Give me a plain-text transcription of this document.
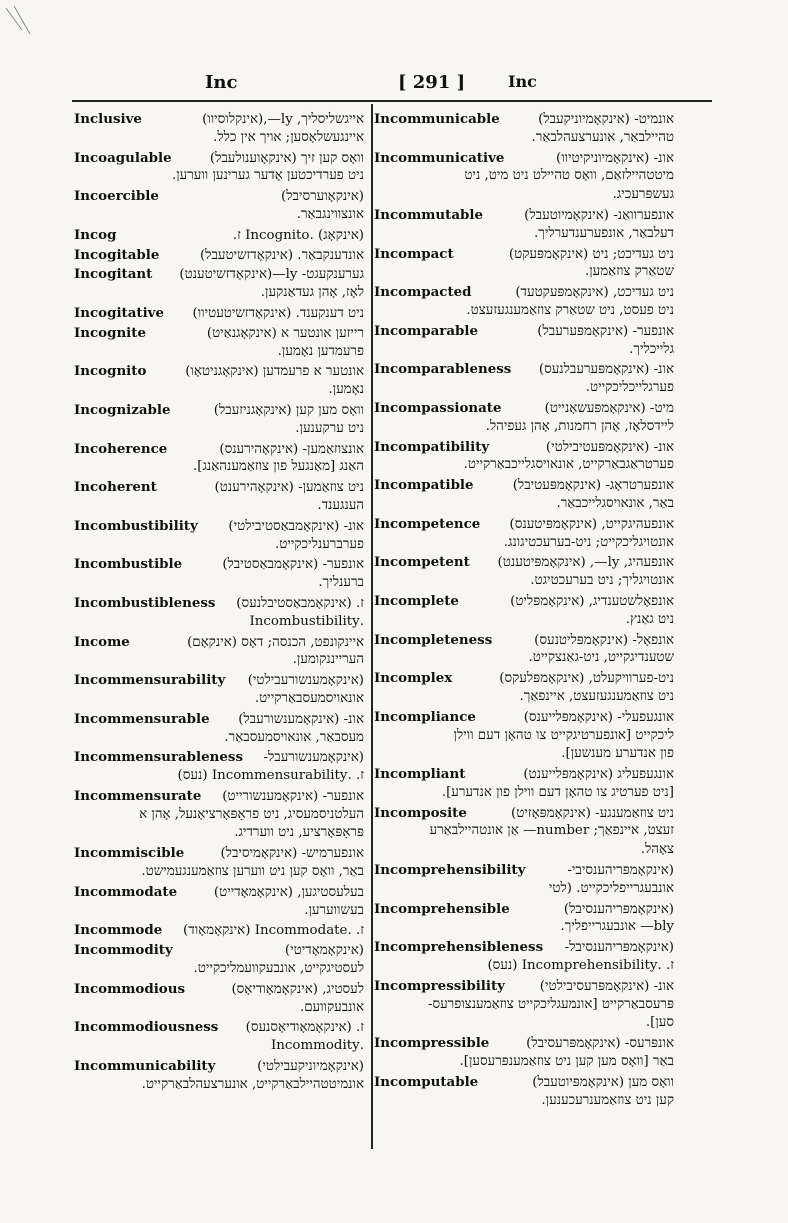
Inc	[ 291 ]	Inc
Inclusive	אייגשליסליך, ly—,(אינקלוסיוו)
איינגעשלאָסען; אויך אין כלל.
Incoagulable	וואָס קען זיך (אינקאָוענולעבל)
ניט פערדיכטען אָדער גערינען ווערען.
Incoercible	(אינקאָוערסיבל)
אונצווינגבאַר.
Incog	(אינקאָג) .Incognito ז.
Incogitable	אונדענקבאַר. (אינקאָדזשיטעבל)
Incogitant גערענקעגט- ly—(אינקאָדזשיטענט)
לאָז, אָהן געדאַנקען.
Incogitative ניט דענקענד. (אינקאָדזשיטעטיוו)
Incognite	רייזען אונטער א (אינקאָגנאַיט)
פרעמדען נאָמען.
Incognito	אונטער א פרעמדען (אינקאָגניטאָו)
נאָמען.
Incognizable	וואָס מען קען (אינקאָגניזעבל)
ניט ערקענען.
Incoherence	אונצוזאַמען- (אינקאָהירענס)
האַנג [מאַנגעל פון צוזאַמענהאַנג].
Incoherent	ניט צוזאַמען- (אינקאָהירענט)
הענגענד.
Incombustibility אונ- (אינקאָמבאַסטיבילטי)
פערברענליכקייט.
Incombustible	אונפער- (אינקאָמבאַסטיבל)
ברענליך.
Incombustibleness ז. (אינקאָמבאַסטיבלנעס)
.Incombustibility
Income	איינקונפט, הכנסה; דאָס (אינקאָם)
הערייננקומען.
Incommensurability (אינקאָמענשורעבילטי)
אונאויסמעסבאַרקייט.
Incommensurable אונ- (אינקאָמענשורעבל)
מעסבאַר, אונאויסמעסבאַר.
Incommensurableness (אינקאָמענשורעבל-
ז. .Incommensurability (נעס)
Incommensurate אונפער- (אינקאָמענשורייט)
העלטניסמעסיג, ניט פראָפּאָרציאָנעל, אָהן א
פּראָפּאָרציע, ניט ווערדיג.
Incommiscible	אונפערמיש- (אינקאָמיסיבל)
באַר, וואָס קען ניט ווערען צוזאַמענגעמישט.
Incommodate	בעלעסטיגען, (אינקאָמאָדייט)
בעשווערען.
Incommode ז. .Incommodate (אינקאָמאָוד)
Incommodity	(אינקאָמאָדיטי)
לעסטיגקייט, אונבעקוועמליכקייט.
Incommodious	לעסטיג, (אינקאָמאָודיאָס)
אונבעקוועם.
Incommodiousness ז. (אינקאָמאָודיאָסנעס)
.Incommodity
Incommunicability	(אינקאָמיוניקעבילטי)
אונמיטטהיילבאַרקייט, אונערצעהלבאַרקייט.
Incommunicable	אונמיט- (אינקאָמיוניקעבל)
טהיילבאַר, אונערצעהלבאַר.
Incommunicative	אונ- (אינקאָמיוניקיטיוו)
מיטטהיילזאַם, וואָס טהיילט ניט מיט, ניט
געשפּרעכיג.
Incommutable	אונפערוואַנ- (אינקאָמיוטעבל)
דעלבאַר, אונפערענדערליך.
Incompact	ניט געדיכט; ניט (אינקאָמפּעקט)
שטאַרק צוזאַמען.
Incompacted	ניט געדיכט, (אינקאָמפּעקטעד)
ניט פעסט, ניט שטאַרק צוזאַמענגעזעצט.
Incomparable	אונפער- (אינקאָמפּערעבל)
גלייכליך.
Incomparableness אונ- (אינקאָמפּערעבלנעס)
פערגלייכליכקייט.
Incompassionate	מיט- (אינקאָמפּעשאָנייט)
ליידסלאָז, אָהן רחמנות, אָהן געפיהל.
Incompatibility	אונ- (אינקאָמפּעטיבילטי)
פערטראַגבאַרקייט, אונאויסגלייכבאַרקייט.
Incompatible	אונפערטראָג- (אינקאָמפּעטיבל)
באַר, אונאויסגלייכבאַר.
Incompetence אונפעהיגקייט, (אינקאָמפּיטענס)
אונטויגליכקייט; ניט-בערעכטיגונג.
Incompetent אונפעהיג, ly—, (אינקאָמפּיטענט)
אונטויגליך; ניט בערעכטיגט.
Incomplete	אונפאָלשטענדיג, (אינקאָמפּליט)
ניט גאַנץ.
Incompleteness	אונפאָל- (אינקאָמפּליטנעס)
שטענדיגקייט, ניט-גאַנצקייט.
Incomplex	ניט-פערוויקעלט, (אינקאָמפּלעקס)
ניט צוזאַמענגעזעצט, איינפאַך.
Incompliance	אונגעפעלי- (אינקאָמפּלייענס)
ליכקייט [אונפערטיגקייט צו טהאָן דעם ווילן
פון אנדערע מענשען].
Incompliant	אונגעפעליג (אינקאָמפּלייענט)
[ניט פערטיג צו טהאָן דעם ווילן פון אנדערע].
Incomposite	ניט צוזאַמענגע- (אינקאָמפּאָזיט)
זעצט, איינפאַך; number— אַן אונטהיילבאַרע
צאָהל.
Incomprehensibility	(אינקאָמפּריהענסיבי-
אונבעגרייפליכקייט. (לטי
Incomprehensible	(אינקאָמפּריהענסיבל)
bly— אונבעגרייפליך.
Incomprehensibleness (אינקאָמפּריהענסיבל-
ז. .Incomprehensibility (נעס)
Incompressibility	אונ- (אינקאָמפּרעסיבילטי)
פּרעסבאַרקייט [אונמעגליכקייט צוזאַמענצופרעס-
סען].
Incompressible	אונפּרעס- (אינקאָמפּרעסיבל)
באַר [וואָס מען קען ניט צוזאַמענפּרעסען].
Incomputable	וואָס מען (אינקאָמפּיוטעבל)
קען ניט צוזאַמענרעכענען.
